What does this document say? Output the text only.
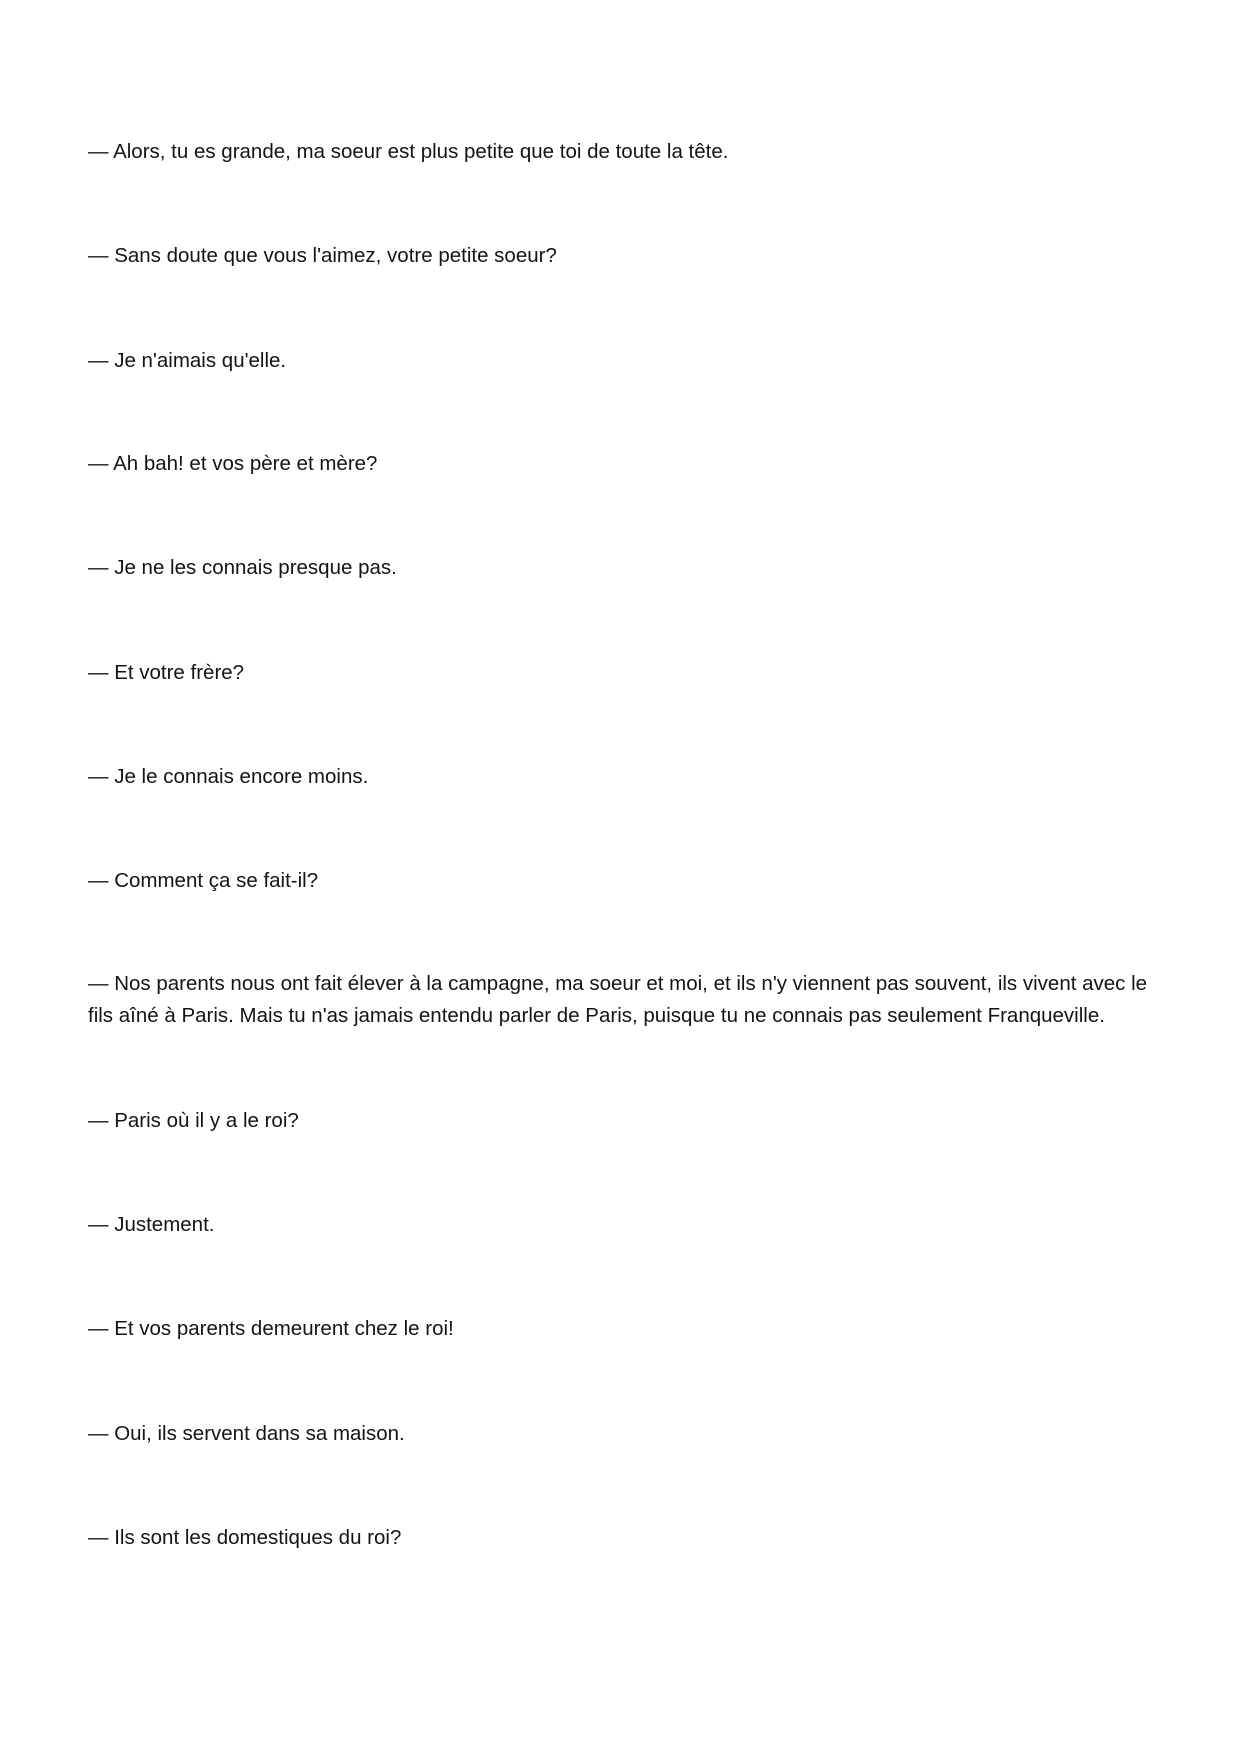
— Alors, tu es grande, ma soeur est plus petite que toi de toute la tête.

— Sans doute que vous l'aimez, votre petite soeur?

— Je n'aimais qu'elle.

— Ah bah! et vos père et mère?

— Je ne les connais presque pas.

— Et votre frère?

— Je le connais encore moins.

— Comment ça se fait-il?

— Nos parents nous ont fait élever à la campagne, ma soeur et moi, et ils n'y viennent pas souvent, ils vivent avec le fils aîné à Paris. Mais tu n'as jamais entendu parler de Paris, puisque tu ne connais pas seulement Franqueville.

— Paris où il y a le roi?

— Justement.

— Et vos parents demeurent chez le roi!

— Oui, ils servent dans sa maison.

— Ils sont les domestiques du roi?
